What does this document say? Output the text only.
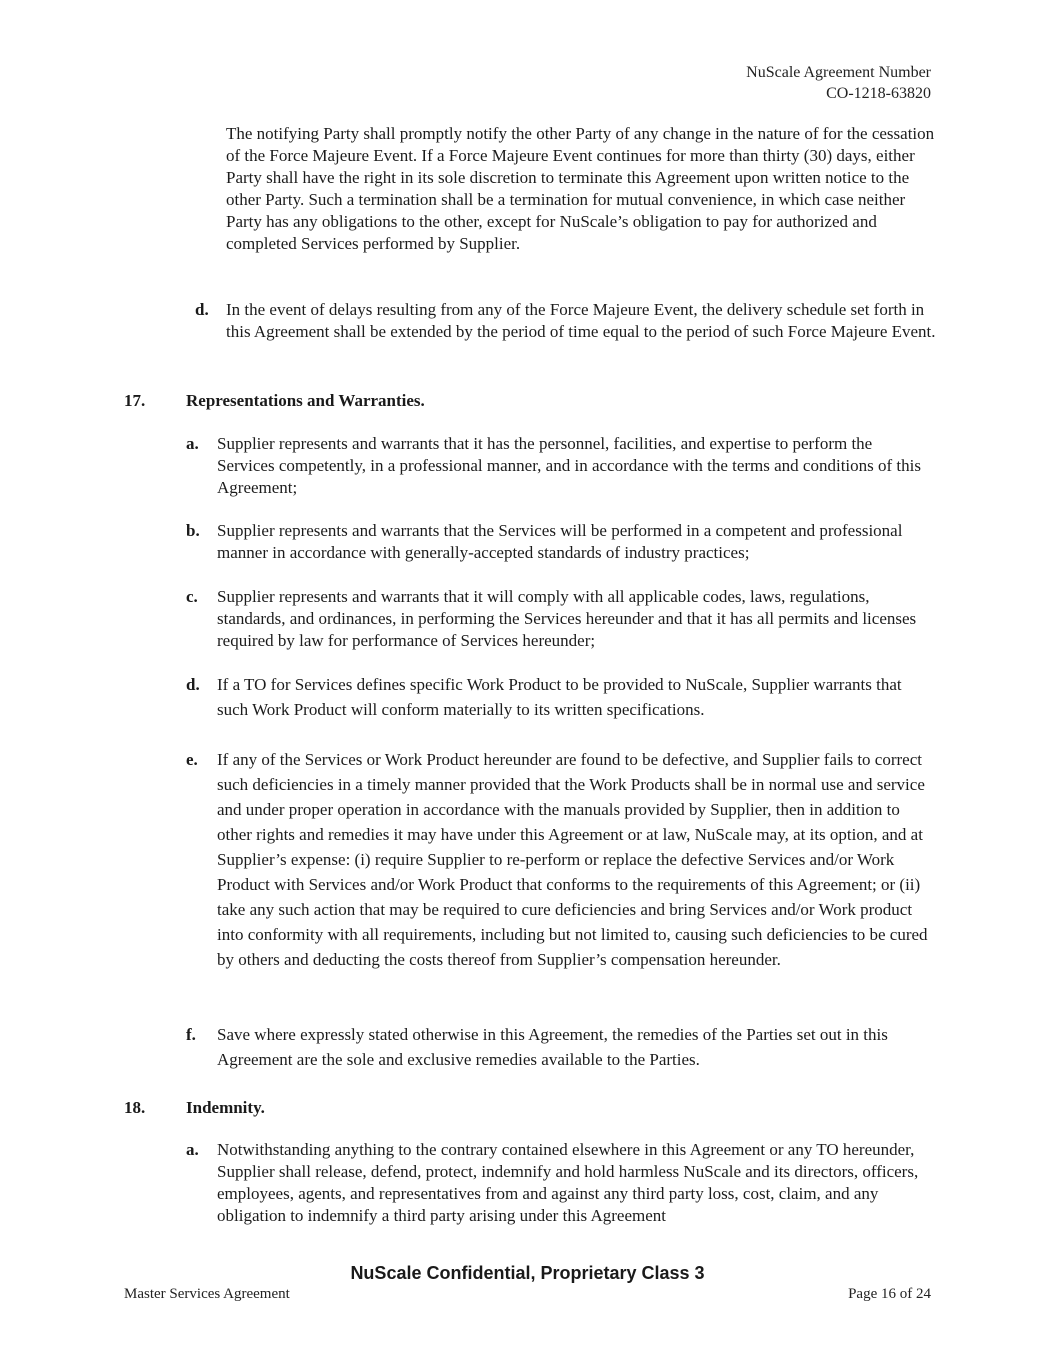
NuScale Agreement Number
CO-1218-63820
The notifying Party shall promptly notify the other Party of any change in the nature of for the cessation of the Force Majeure Event. If a Force Majeure Event continues for more than thirty (30) days, either Party shall have the right in its sole discretion to terminate this Agreement upon written notice to the other Party. Such a termination shall be a termination for mutual convenience, in which case neither Party has any obligations to the other, except for NuScale’s obligation to pay for authorized and completed Services performed by Supplier.
d. In the event of delays resulting from any of the Force Majeure Event, the delivery schedule set forth in this Agreement shall be extended by the period of time equal to the period of such Force Majeure Event.
17. Representations and Warranties.
a. Supplier represents and warrants that it has the personnel, facilities, and expertise to perform the Services competently, in a professional manner, and in accordance with the terms and conditions of this Agreement;
b. Supplier represents and warrants that the Services will be performed in a competent and professional manner in accordance with generally-accepted standards of industry practices;
c. Supplier represents and warrants that it will comply with all applicable codes, laws, regulations, standards, and ordinances, in performing the Services hereunder and that it has all permits and licenses required by law for performance of Services hereunder;
d. If a TO for Services defines specific Work Product to be provided to NuScale, Supplier warrants that such Work Product will conform materially to its written specifications.
e. If any of the Services or Work Product hereunder are found to be defective, and Supplier fails to correct such deficiencies in a timely manner provided that the Work Products shall be in normal use and service and under proper operation in accordance with the manuals provided by Supplier, then in addition to other rights and remedies it may have under this Agreement or at law, NuScale may, at its option, and at Supplier’s expense: (i) require Supplier to re-perform or replace the defective Services and/or Work Product with Services and/or Work Product that conforms to the requirements of this Agreement; or (ii) take any such action that may be required to cure deficiencies and bring Services and/or Work product into conformity with all requirements, including but not limited to, causing such deficiencies to be cured by others and deducting the costs thereof from Supplier’s compensation hereunder.
f. Save where expressly stated otherwise in this Agreement, the remedies of the Parties set out in this Agreement are the sole and exclusive remedies available to the Parties.
18. Indemnity.
a. Notwithstanding anything to the contrary contained elsewhere in this Agreement or any TO hereunder, Supplier shall release, defend, protect, indemnify and hold harmless NuScale and its directors, officers, employees, agents, and representatives from and against any third party loss, cost, claim, and any obligation to indemnify a third party arising under this Agreement
NuScale Confidential, Proprietary Class 3
Master Services Agreement	Page 16 of 24
